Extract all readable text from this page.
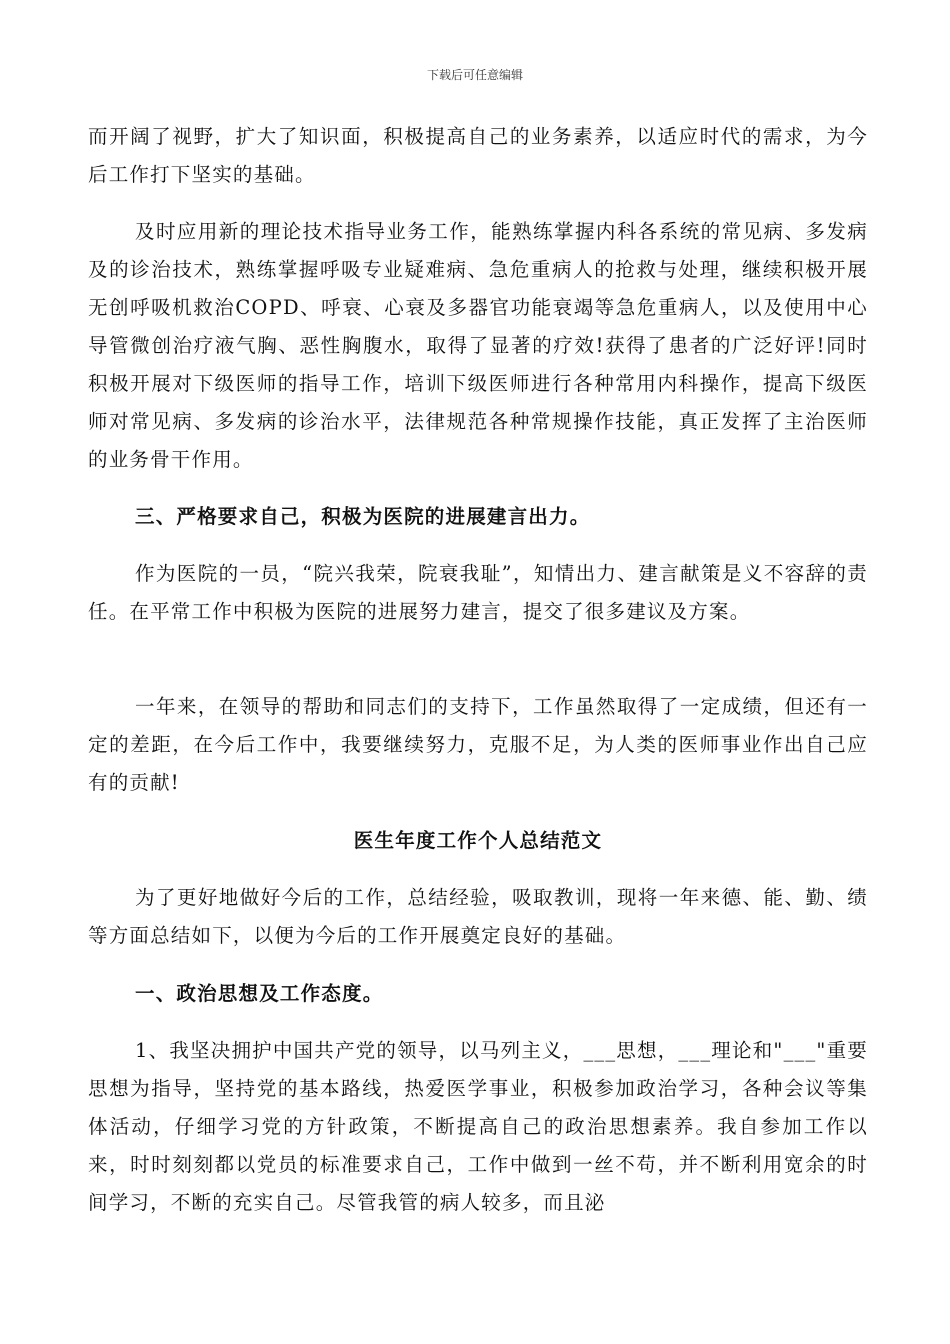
下载后可任意编辑

而开阔了视野，扩大了知识面，积极提高自己的业务素养，以适应时代的需求，为今后工作打下坚实的基础。

及时应用新的理论技术指导业务工作，能熟练掌握内科各系统的常见病、多发病及的诊治技术，熟练掌握呼吸专业疑难病、急危重病人的抢救与处理，继续积极开展无创呼吸机救治COPD、呼衰、心衰及多器官功能衰竭等急危重病人，以及使用中心导管微创治疗液气胸、恶性胸腹水，取得了显著的疗效!获得了患者的广泛好评!同时积极开展对下级医师的指导工作，培训下级医师进行各种常用内科操作，提高下级医师对常见病、多发病的诊治水平，法律规范各种常规操作技能，真正发挥了主治医师的业务骨干作用。

三、严格要求自己，积极为医院的进展建言出力。

作为医院的一员，“院兴我荣，院衰我耻”，知情出力、建言献策是义不容辞的责任。在平常工作中积极为医院的进展努力建言，提交了很多建议及方案。

一年来，在领导的帮助和同志们的支持下，工作虽然取得了一定成绩，但还有一定的差距，在今后工作中，我要继续努力，克服不足，为人类的医师事业作出自己应有的贡献!

医生年度工作个人总结范文

为了更好地做好今后的工作，总结经验，吸取教训，现将一年来德、能、勤、绩等方面总结如下，以便为今后的工作开展奠定良好的基础。

一、政治思想及工作态度。

1、我坚决拥护中国共产党的领导，以马列主义，___思想，___理论和"___"重要思想为指导，坚持党的基本路线，热爱医学事业，积极参加政治学习，各种会议等集体活动，仔细学习党的方针政策，不断提高自己的政治思想素养。我自参加工作以来，时时刻刻都以党员的标准要求自己，工作中做到一丝不苟，并不断利用宽余的时间学习，不断的充实自己。尽管我管的病人较多，而且泌
